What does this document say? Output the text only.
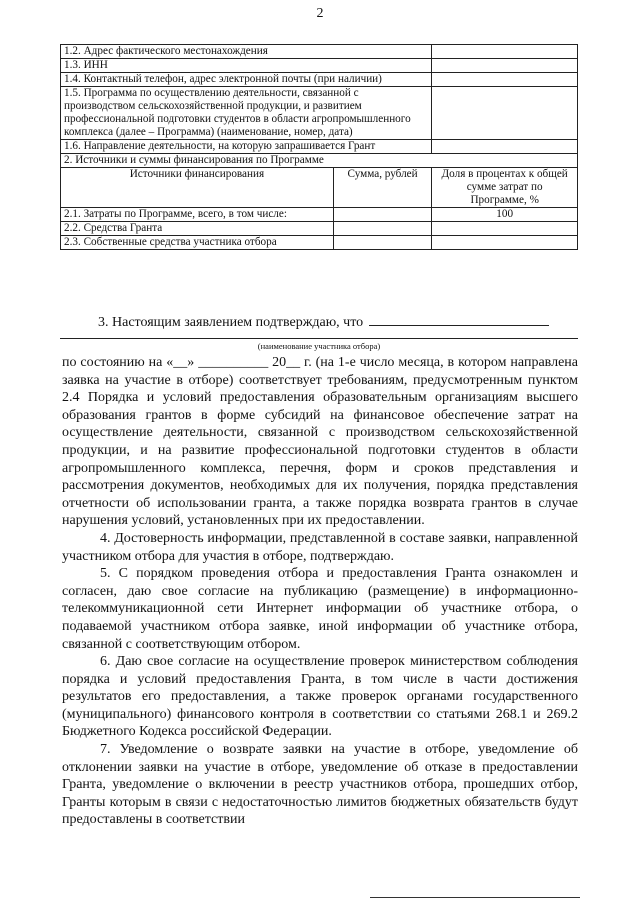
2
1.2. Адрес фактического местонахождения		
1.3. ИНН		
1.4. Контактный телефон, адрес электронной почты (при наличии)		
1.5. Программа по осуществлению деятельности, связанной с производством сельскохозяйственной продукции, и развитием профессиональной подготовки студентов в области агропромышленного комплекса (далее – Программа) (наименование, номер, дата)		
1.6. Направление деятельности, на которую запрашивается Грант		
2. Источники и суммы финансирования по Программе		
Источники финансирования	Сумма, рублей	Доля в процентах к общей сумме затрат по Программе, %
2.1. Затраты по Программе, всего, в том числе:		100
2.2. Средства Гранта		
2.3. Собственные средства участника отбора		
3. Настоящим заявлением подтверждаю, что
(наименование участника отбора)

по состоянию на «__» __________ 20__ г. (на 1-е число месяца, в котором направлена заявка на участие в отборе) соответствует требованиям, предусмотренным пунктом 2.4 Порядка и условий предоставления образовательным организациям высшего образования грантов в форме субсидий на финансовое обеспечение затрат на осуществление деятельности, связанной с производством сельскохозяйственной продукции, и на развитие профессиональной подготовки студентов в области агропромышленного комплекса, перечня, форм и сроков представления и рассмотрения документов, необходимых для их получения, порядка представления отчетности об использовании гранта, а также порядка возврата грантов в случае нарушения условий, установленных при их предоставлении.

4. Достоверность информации, представленной в составе заявки, направленной участником отбора для участия в отборе, подтверждаю.

5. С порядком проведения отбора и предоставления Гранта ознакомлен и согласен, даю свое согласие на публикацию (размещение) в информационно-телекоммуникационной сети Интернет информации об участнике отбора, о подаваемой участником отбора заявке, иной информации об участнике отбора, связанной с соответствующим отбором.

6. Даю свое согласие на осуществление проверок министерством соблюдения порядка и условий предоставления Гранта, в том числе в части достижения результатов его предоставления, а также проверок органами государственного (муниципального) финансового контроля в соответствии со статьями 268.1 и 269.2 Бюджетного Кодекса российской Федерации.

7. Уведомление о возврате заявки на участие в отборе, уведомление об отклонении заявки на участие в отборе, уведомление об отказе в предоставлении Гранта, уведомление о включении в реестр участников отбора, прошедших отбор, Гранты которым в связи с недостаточностью лимитов бюджетных обязательств будут предоставлены в соответствии
